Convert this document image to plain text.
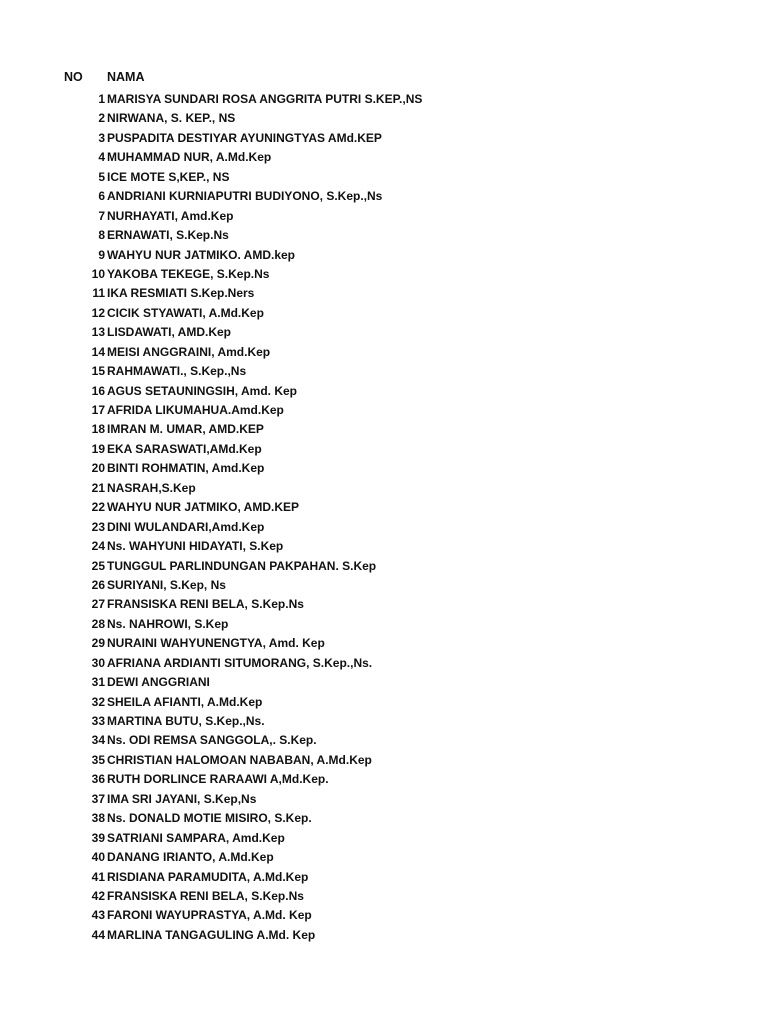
NO NAMA
1 MARISYA SUNDARI ROSA ANGGRITA PUTRI S.KEP.,NS
2 NIRWANA, S. KEP., NS
3 PUSPADITA DESTIYAR AYUNINGTYAS AMd.KEP
4 MUHAMMAD NUR, A.Md.Kep
5 ICE MOTE S,KEP., NS
6 ANDRIANI KURNIAPUTRI BUDIYONO, S.Kep.,Ns
7 NURHAYATI, Amd.Kep
8 ERNAWATI, S.Kep.Ns
9 WAHYU NUR JATMIKO. AMD.kep
10 YAKOBA TEKEGE, S.Kep.Ns
11 IKA RESMIATI S.Kep.Ners
12 CICIK STYAWATI, A.Md.Kep
13 LISDAWATI, AMD.Kep
14 MEISI ANGGRAINI, Amd.Kep
15 RAHMAWATI., S.Kep.,Ns
16 AGUS SETAUNINGSIH, Amd. Kep
17 AFRIDA LIKUMAHUA.Amd.Kep
18 IMRAN M. UMAR, AMD.KEP
19 EKA SARASWATI,AMd.Kep
20 BINTI ROHMATIN, Amd.Kep
21 NASRAH,S.Kep
22 WAHYU NUR JATMIKO, AMD.KEP
23 DINI WULANDARI,Amd.Kep
24 Ns. WAHYUNI HIDAYATI, S.Kep
25 TUNGGUL PARLINDUNGAN PAKPAHAN. S.Kep
26 SURIYANI, S.Kep, Ns
27 FRANSISKA RENI BELA, S.Kep.Ns
28 Ns. NAHROWI, S.Kep
29 NURAINI WAHYUNENGTYA, Amd. Kep
30 AFRIANA ARDIANTI SITUMORANG, S.Kep.,Ns.
31 DEWI ANGGRIANI
32 SHEILA AFIANTI, A.Md.Kep
33 MARTINA BUTU, S.Kep.,Ns.
34 Ns. ODI REMSA SANGGOLA,. S.Kep.
35 CHRISTIAN HALOMOAN NABABAN, A.Md.Kep
36 RUTH DORLINCE RARAAWI A,Md.Kep.
37 IMA SRI JAYANI, S.Kep,Ns
38 Ns. DONALD MOTIE MISIRO, S.Kep.
39 SATRIANI SAMPARA, Amd.Kep
40 DANANG IRIANTO, A.Md.Kep
41 RISDIANA PARAMUDITA, A.Md.Kep
42 FRANSISKA RENI BELA, S.Kep.Ns
43 FARONI WAYUPRASTYA, A.Md. Kep
44 MARLINA TANGAGULING A.Md. Kep
